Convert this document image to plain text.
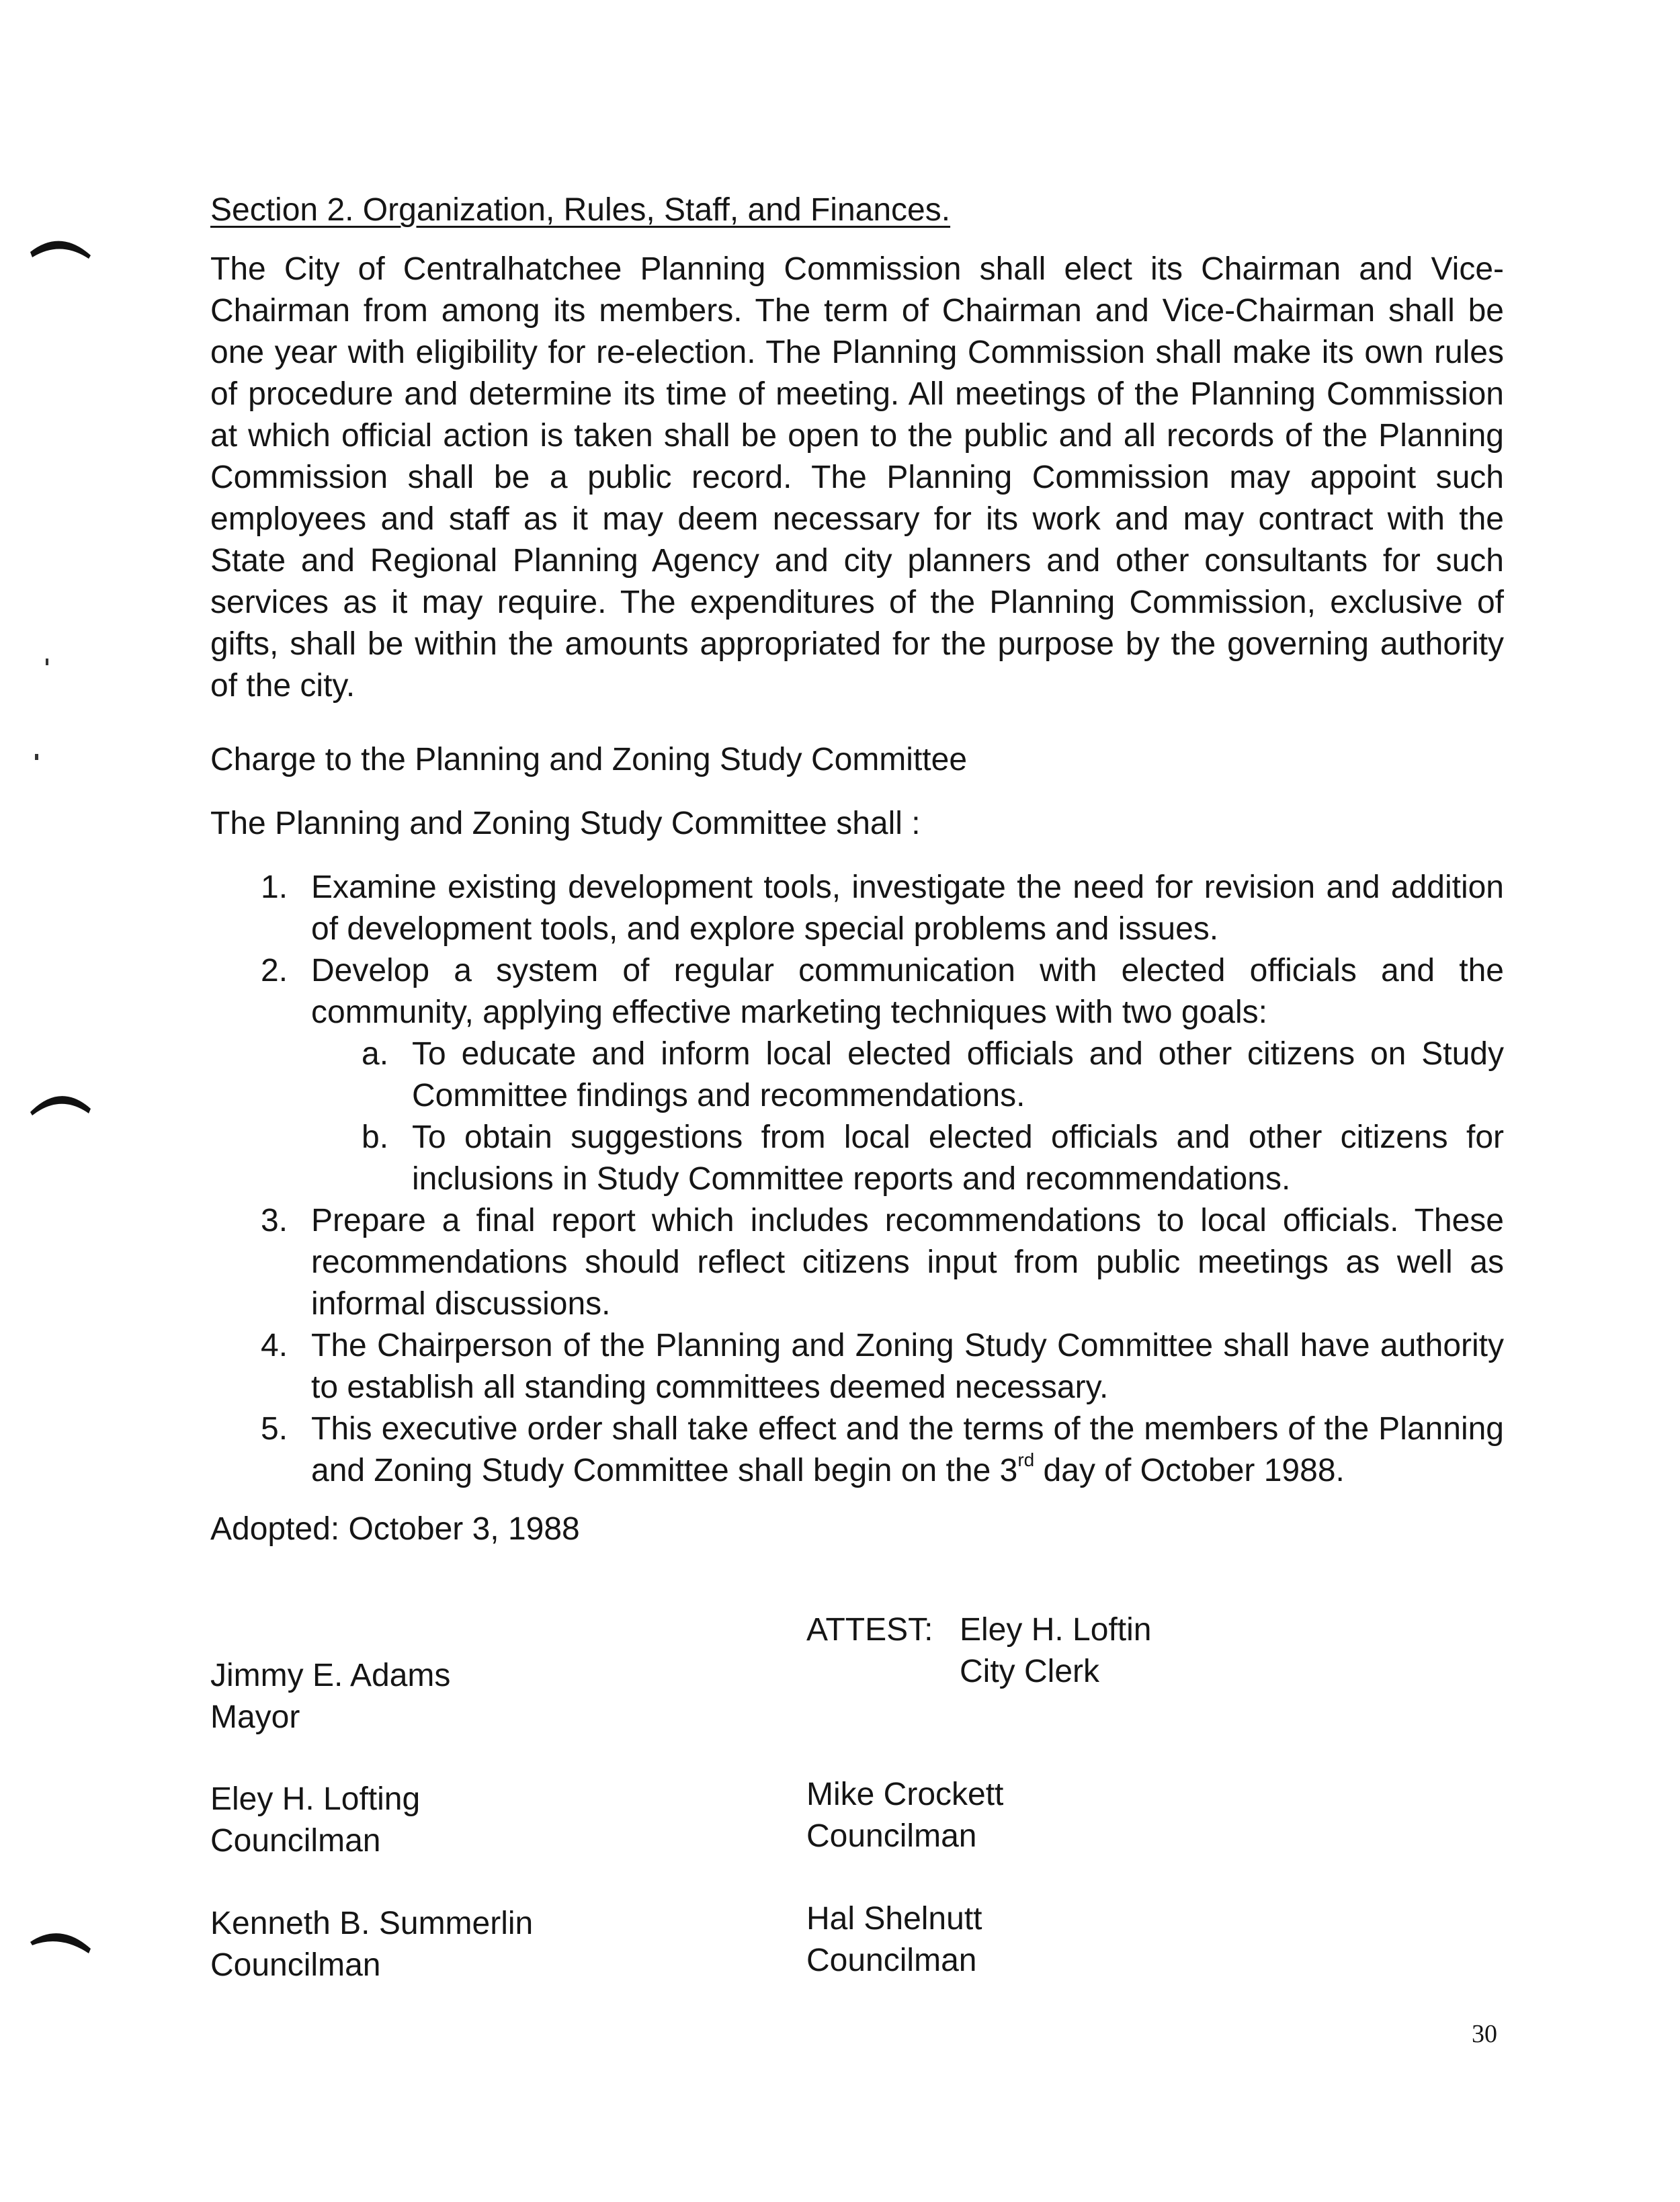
Section 2. Organization, Rules, Staff, and Finances.

The City of Centralhatchee Planning Commission shall elect its Chairman and Vice-Chairman from among its members. The term of Chairman and Vice-Chairman shall be one year with eligibility for re-election. The Planning Commission shall make its own rules of procedure and determine its time of meeting. All meetings of the Planning Commission at which official action is taken shall be open to the public and all records of the Planning Commission shall be a public record. The Planning Commission may appoint such employees and staff as it may deem necessary for its work and may contract with the State and Regional Planning Agency and city planners and other consultants for such services as it may require. The expenditures of the Planning Commission, exclusive of gifts, shall be within the amounts appropriated for the purpose by the governing authority of the city.

Charge to the Planning and Zoning Study Committee
The Planning and Zoning Study Committee shall :
1. Examine existing development tools, investigate the need for revision and addition of development tools, and explore special problems and issues.
2. Develop a system of regular communication with elected officials and the community, applying effective marketing techniques with two goals:
a. To educate and inform local elected officials and other citizens on Study Committee findings and recommendations.
b. To obtain suggestions from local elected officials and other citizens for inclusions in Study Committee reports and recommendations.
3. Prepare a final report which includes recommendations to local officials. These recommendations should reflect citizens input from public meetings as well as informal discussions.
4. The Chairperson of the Planning and Zoning Study Committee shall have authority to establish all standing committees deemed necessary.
5. This executive order shall take effect and the terms of the members of the Planning and Zoning Study Committee shall begin on the 3rd day of October 1988.
Adopted: October 3, 1988
ATTEST: Eley H. Loftin
City Clerk
Jimmy E. Adams
Mayor
Eley H. Lofting
Councilman
Mike Crockett
Councilman
Kenneth B. Summerlin
Councilman
Hal Shelnutt
Councilman
30
